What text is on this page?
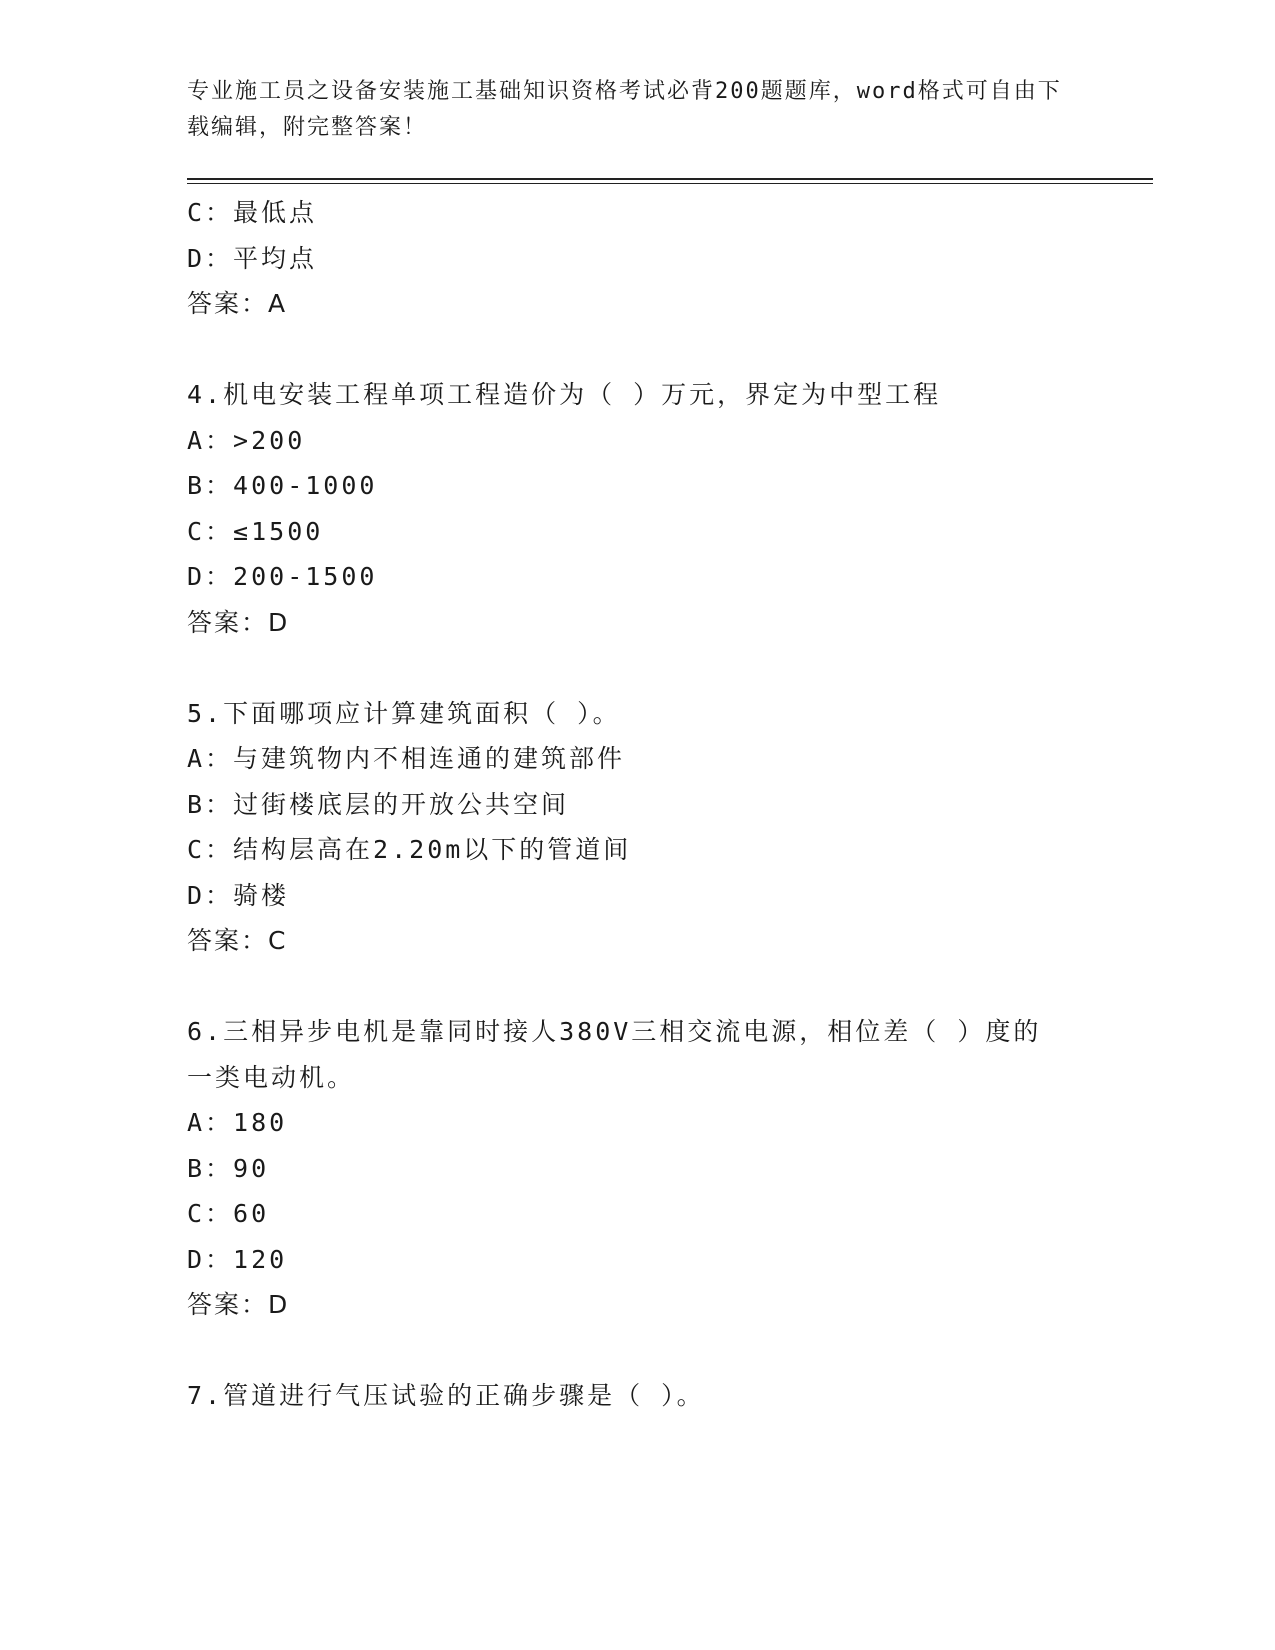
专业施工员之设备安装施工基础知识资格考试必背200题题库，word格式可自由下载编辑，附完整答案！
C：最低点
D：平均点
答案：A
4.机电安装工程单项工程造价为（ ）万元，界定为中型工程
A：>200
B：400-1000
C：≤1500
D：200-1500
答案：D
5.下面哪项应计算建筑面积（ ）。
A：与建筑物内不相连通的建筑部件
B：过街楼底层的开放公共空间
C：结构层高在2.20m以下的管道间
D：骑楼
答案：C
6.三相异步电机是靠同时接人380V三相交流电源，相位差（ ）度的
一类电动机。
A：180
B：90
C：60
D：120
答案：D
7.管道进行气压试验的正确步骤是（ ）。
